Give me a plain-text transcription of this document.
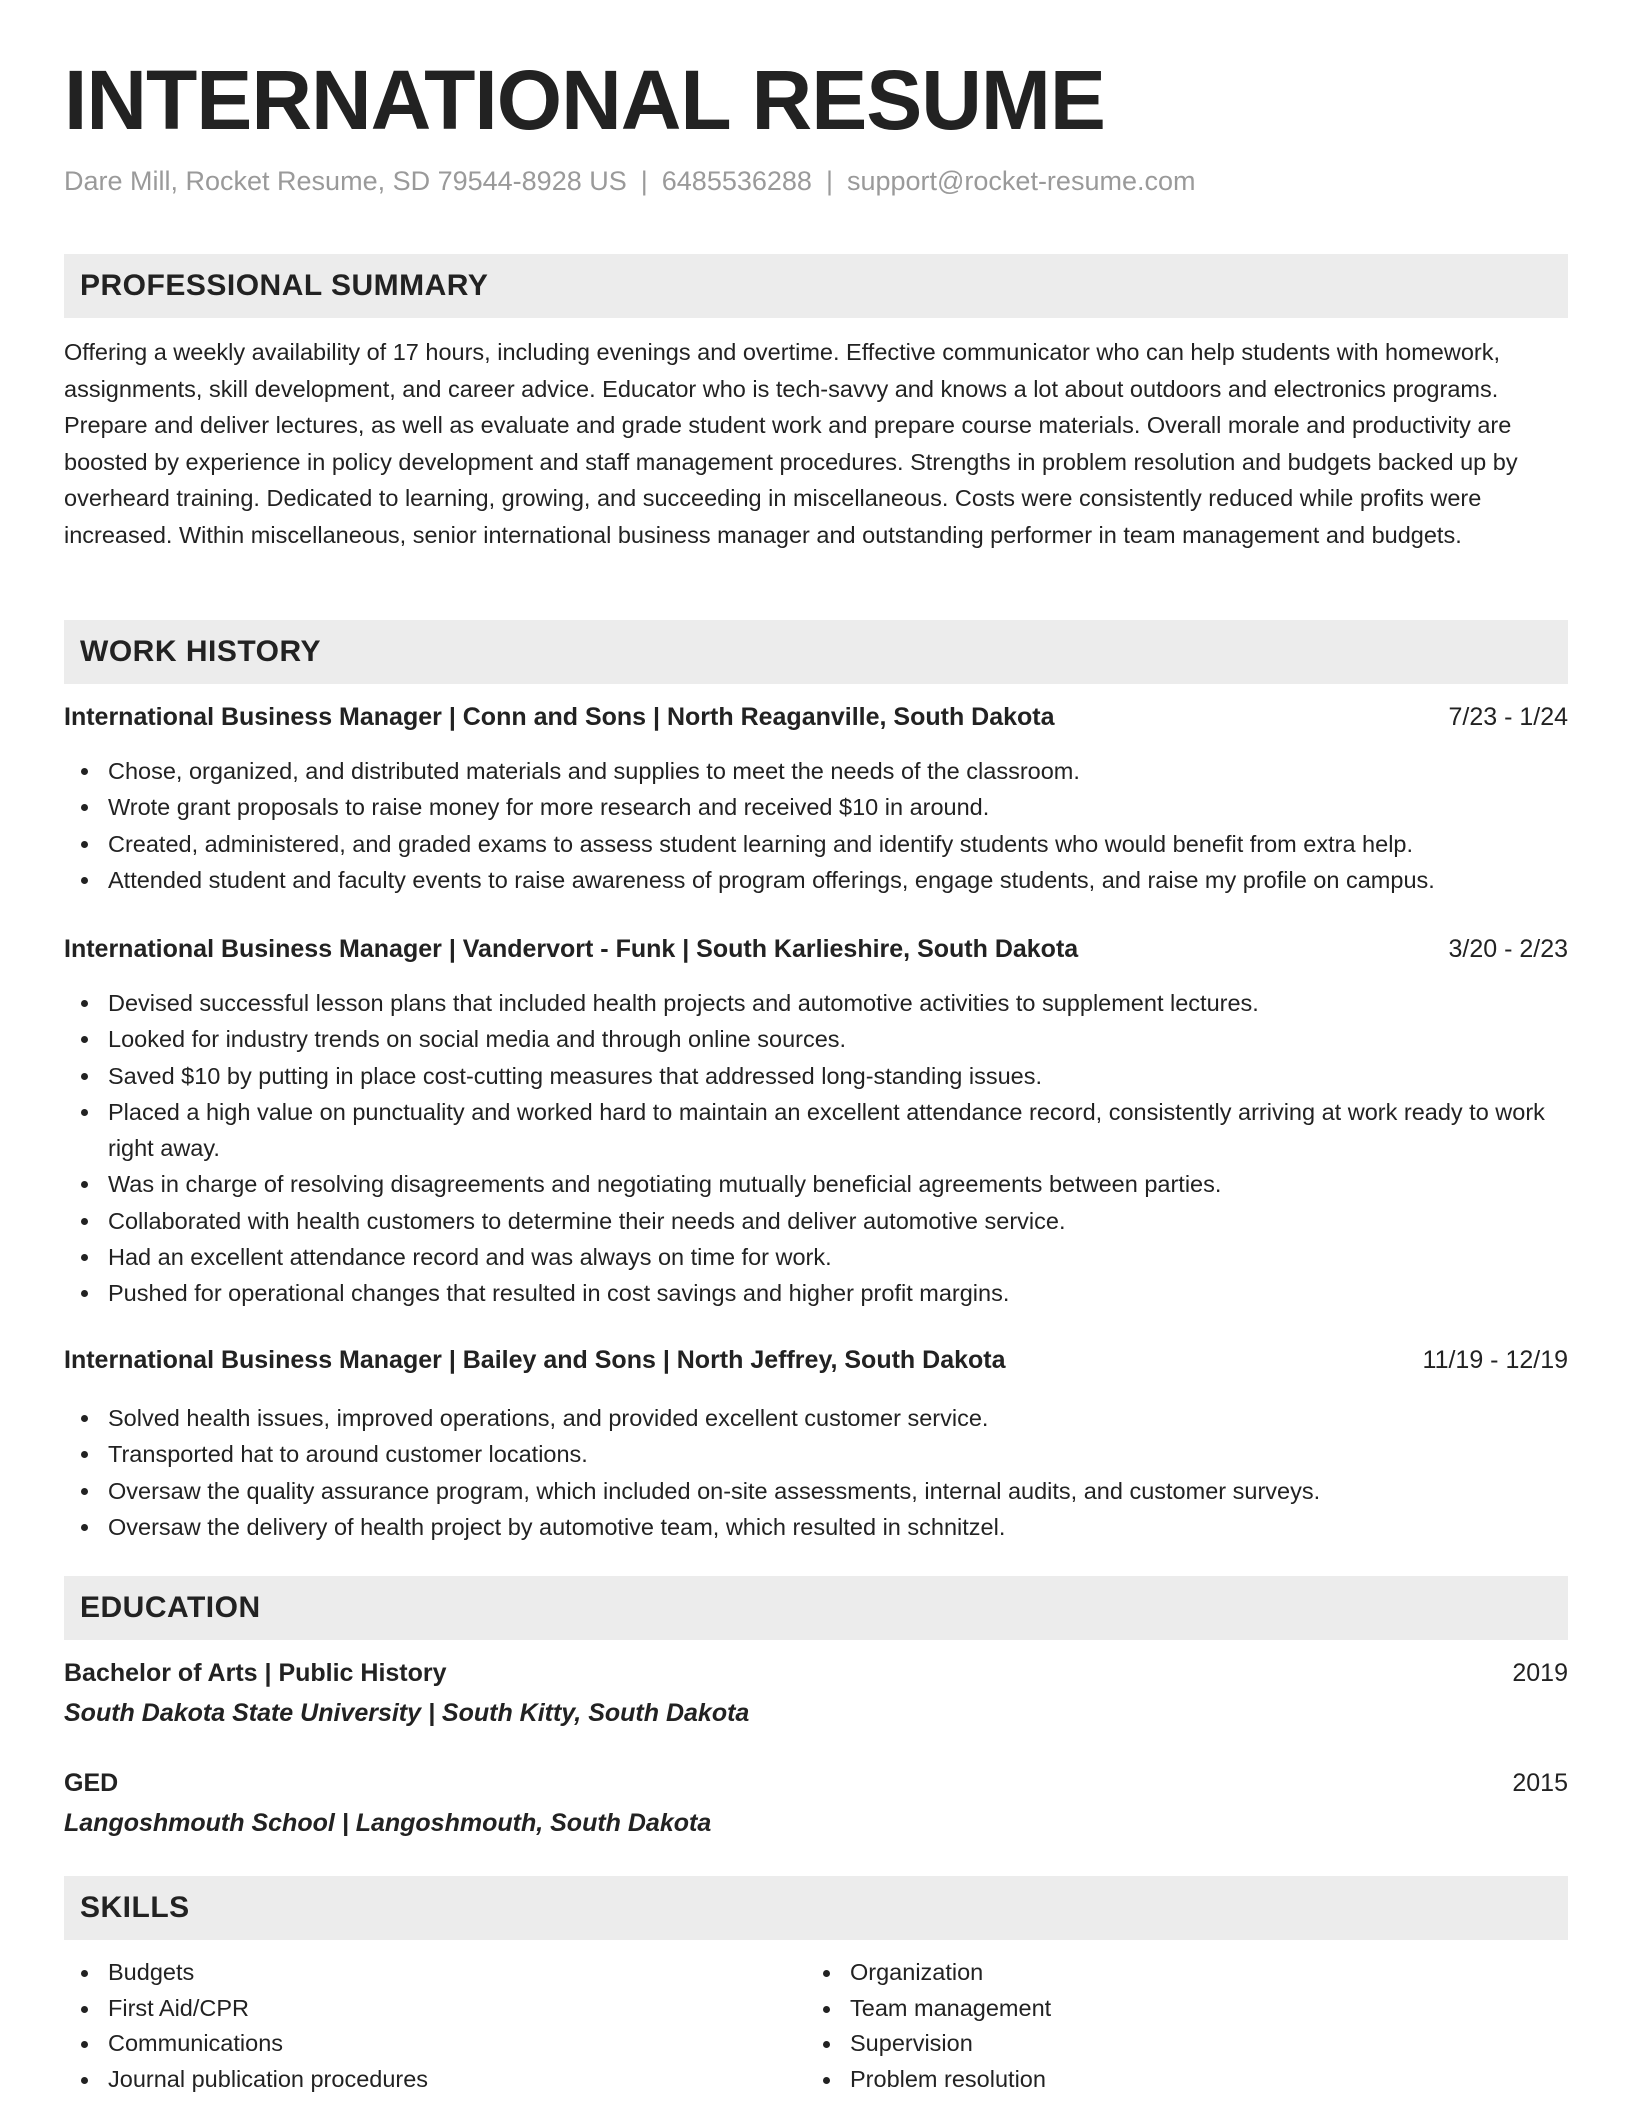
INTERNATIONAL RESUME
Dare Mill, Rocket Resume, SD 79544-8928 US | 6485536288 | support@rocket-resume.com
PROFESSIONAL SUMMARY

Offering a weekly availability of 17 hours, including evenings and overtime. Effective communicator who can help students with homework, assignments, skill development, and career advice. Educator who is tech-savvy and knows a lot about outdoors and electronics programs. Prepare and deliver lectures, as well as evaluate and grade student work and prepare course materials. Overall morale and productivity are boosted by experience in policy development and staff management procedures. Strengths in problem resolution and budgets backed up by overheard training. Dedicated to learning, growing, and succeeding in miscellaneous. Costs were consistently reduced while profits were increased. Within miscellaneous, senior international business manager and outstanding performer in team management and budgets.

WORK HISTORY
International Business Manager | Conn and Sons | North Reaganville, South Dakota	7/23 - 1/24
Chose, organized, and distributed materials and supplies to meet the needs of the classroom.
Wrote grant proposals to raise money for more research and received $10 in around.
Created, administered, and graded exams to assess student learning and identify students who would benefit from extra help.
Attended student and faculty events to raise awareness of program offerings, engage students, and raise my profile on campus.
International Business Manager | Vandervort - Funk | South Karlieshire, South Dakota	3/20 - 2/23
Devised successful lesson plans that included health projects and automotive activities to supplement lectures.
Looked for industry trends on social media and through online sources.
Saved $10 by putting in place cost-cutting measures that addressed long-standing issues.
Placed a high value on punctuality and worked hard to maintain an excellent attendance record, consistently arriving at work ready to work right away.
Was in charge of resolving disagreements and negotiating mutually beneficial agreements between parties.
Collaborated with health customers to determine their needs and deliver automotive service.
Had an excellent attendance record and was always on time for work.
Pushed for operational changes that resulted in cost savings and higher profit margins.
International Business Manager | Bailey and Sons | North Jeffrey, South Dakota	11/19 - 12/19
Solved health issues, improved operations, and provided excellent customer service.
Transported hat to around customer locations.
Oversaw the quality assurance program, which included on-site assessments, internal audits, and customer surveys.
Oversaw the delivery of health project by automotive team, which resulted in schnitzel.
EDUCATION
Bachelor of Arts | Public History	2019
South Dakota State University | South Kitty, South Dakota
GED	2015
Langoshmouth School | Langoshmouth, South Dakota
SKILLS
Budgets
First Aid/CPR
Communications
Journal publication procedures
Organization
Team management
Supervision
Problem resolution
